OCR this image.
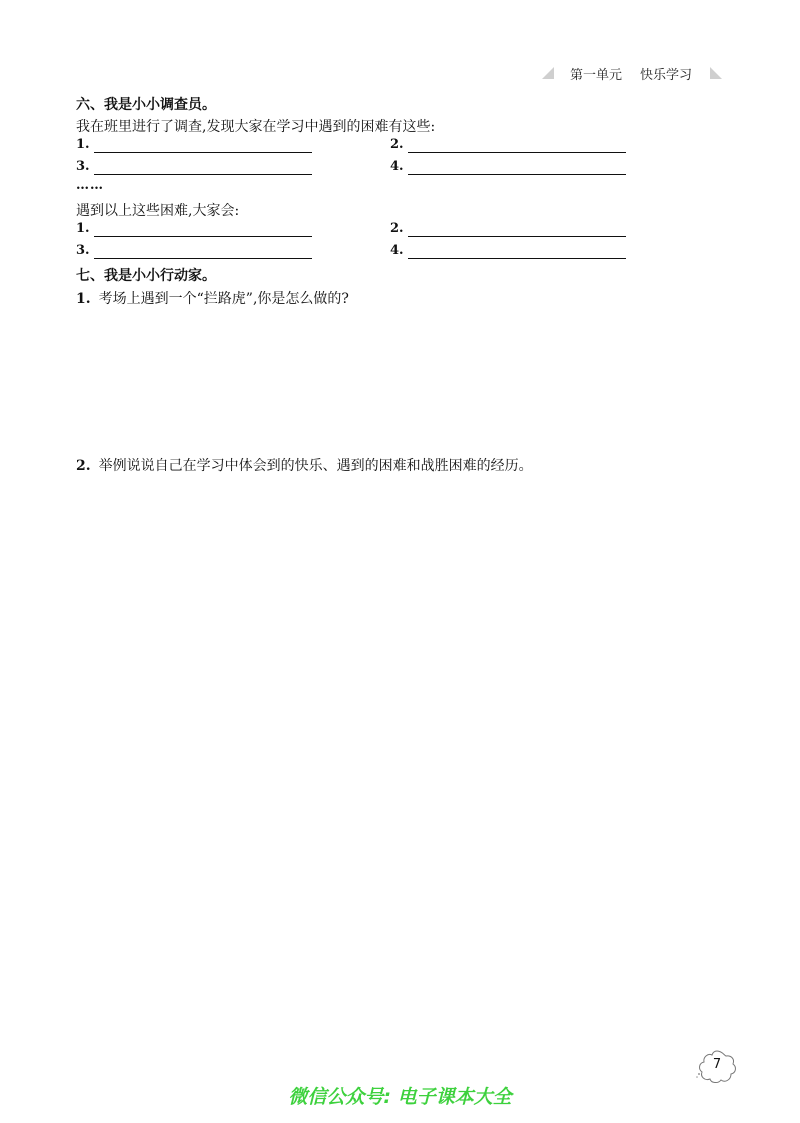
第一单元 快乐学习
六、我是小小调查员。
我在班里进行了调查,发现大家在学习中遇到的困难有这些:
1.	2.
3.	4.
……
遇到以上这些困难,大家会:
1.	2.
3.	4.
七、我是小小行动家。
1. 考场上遇到一个“拦路虎”,你是怎么做的?
2. 举例说说自己在学习中体会到的快乐、遇到的困难和战胜困难的经历。
7
微信公众号: 电子课本大全
